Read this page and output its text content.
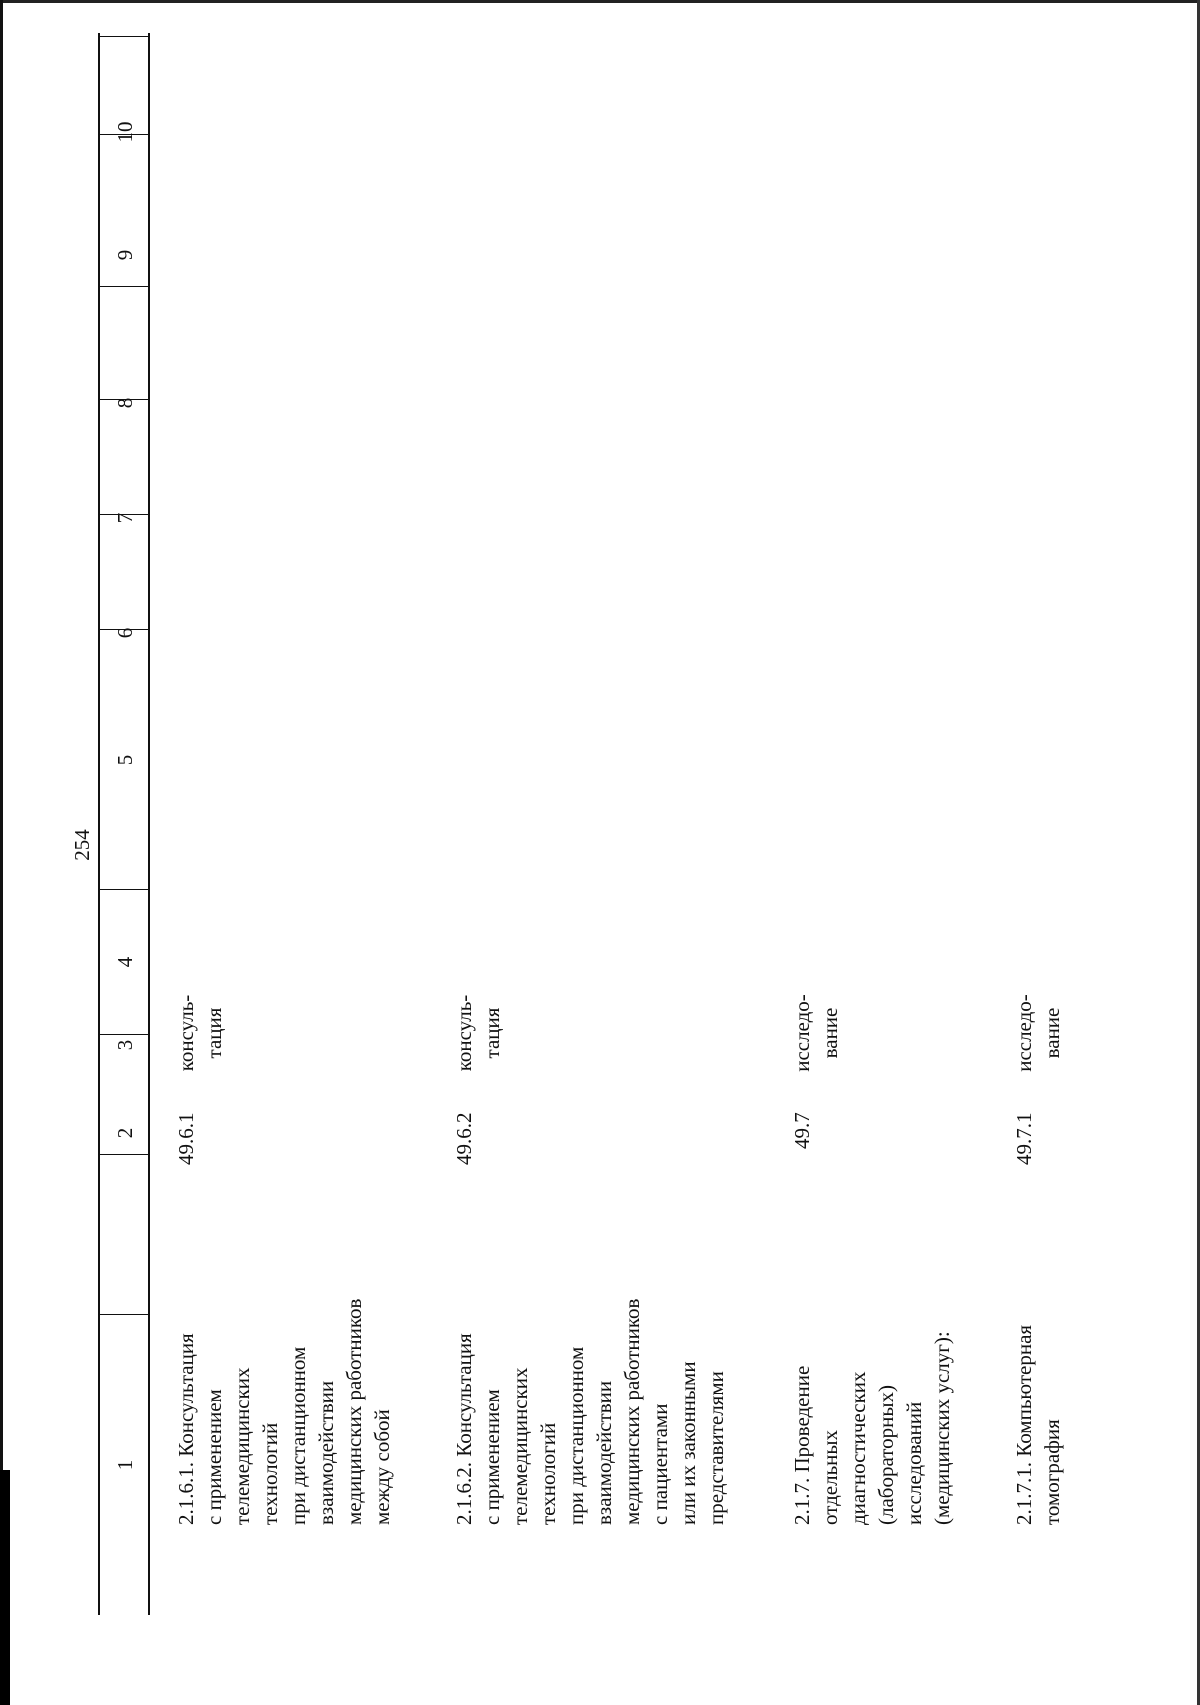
254
1
2
3
4
5
6
7
8
9
10
2.1.6.1. Консультация
с применением
телемедицинских
технологий
при дистанционном
взаимодействии
медицинских работников
между собой
49.6.1
консуль-
тация
2.1.6.2. Консультация
с применением
телемедицинских
технологий
при дистанционном
взаимодействии
медицинских работников
с пациентами
или их законными
представителями
49.6.2
консуль-
тация
2.1.7. Проведение
отдельных
диагностических
(лабораторных)
исследований
(медицинских услуг):
49.7
исследо-
вание
2.1.7.1. Компьютерная
томография
49.7.1
исследо-
вание
